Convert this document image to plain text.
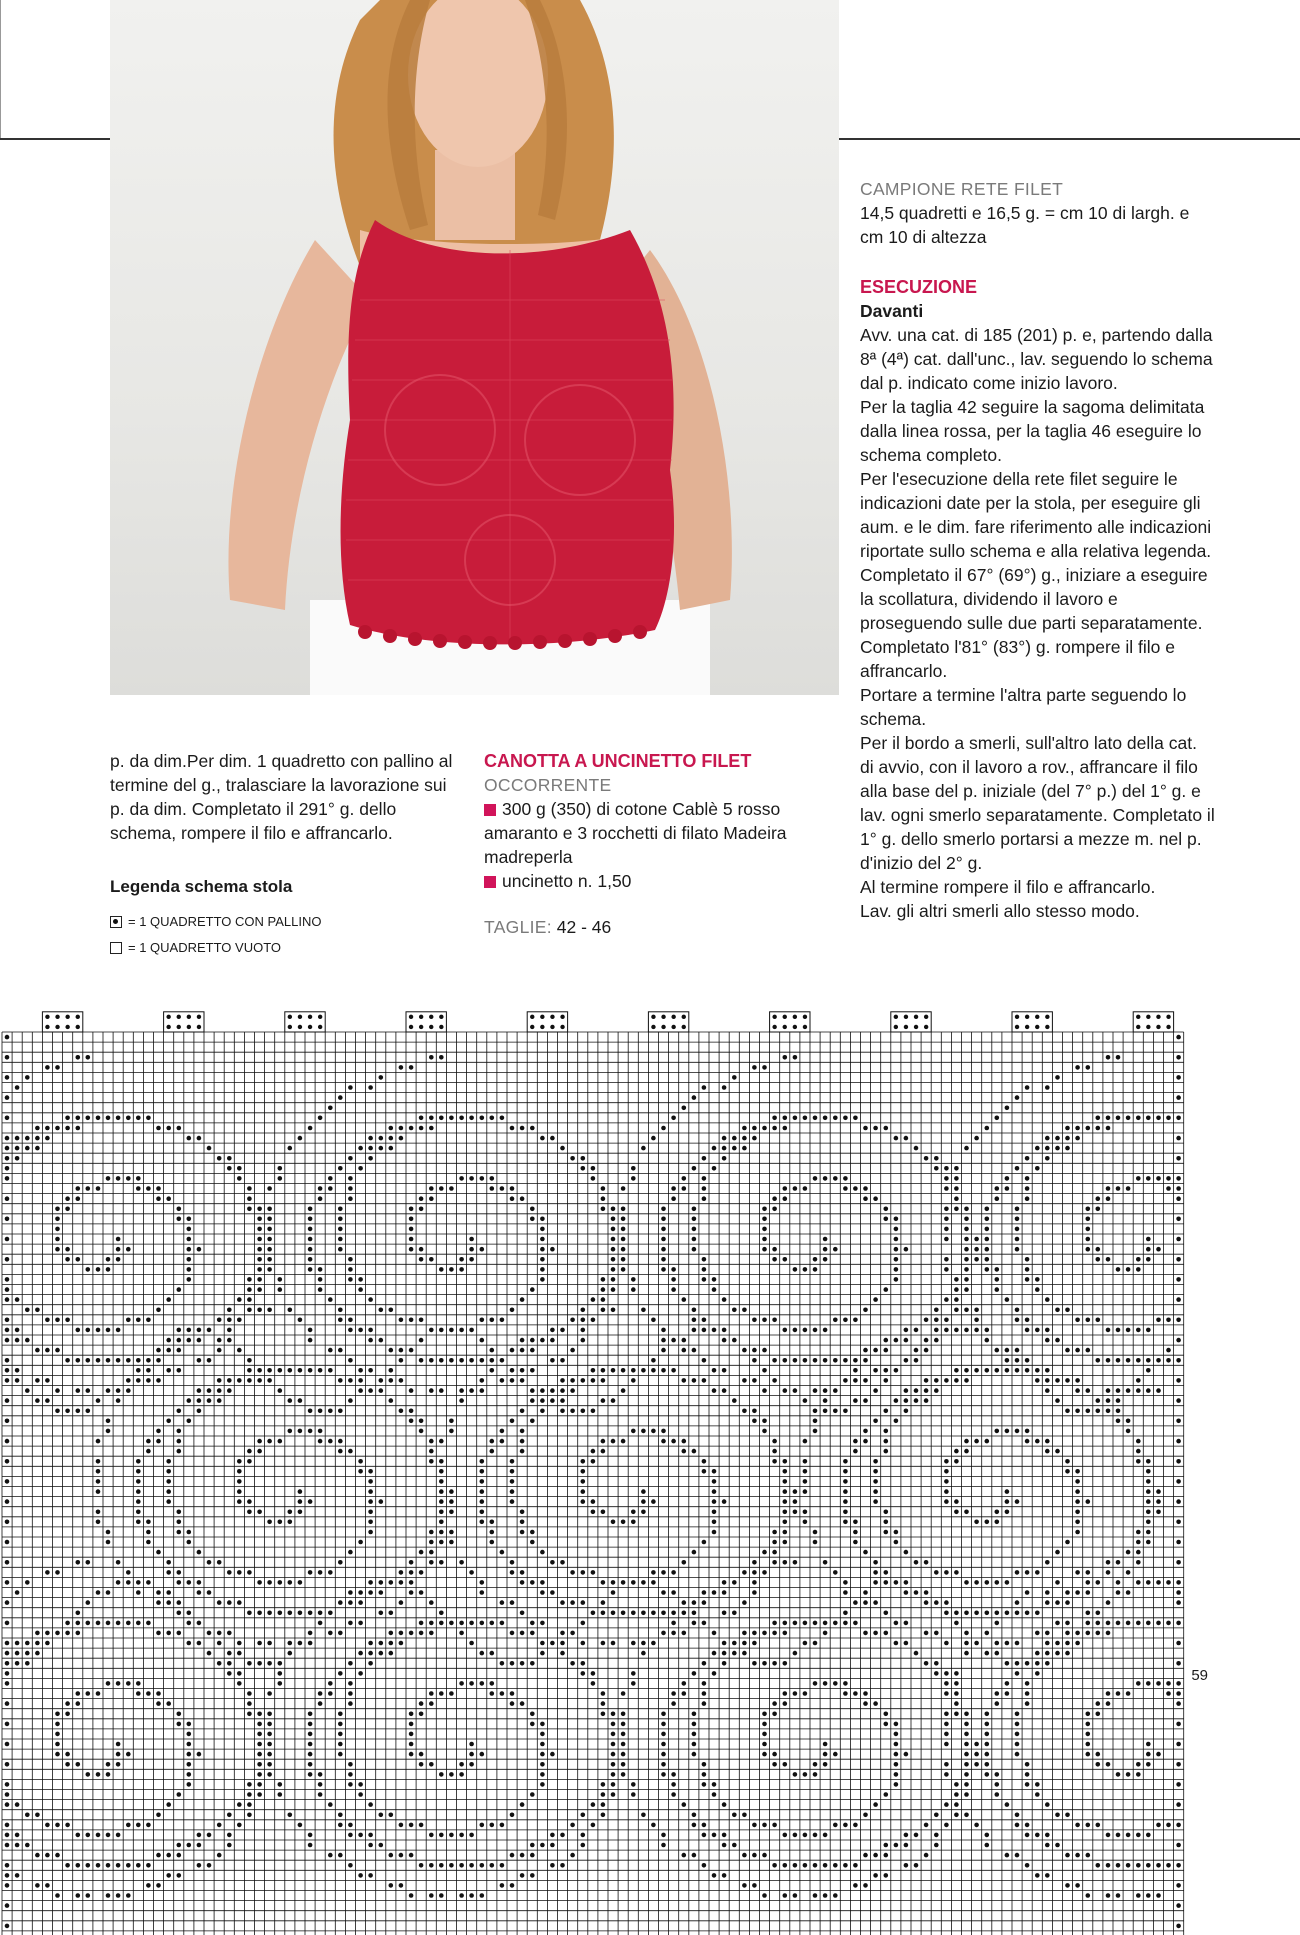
p. da dim.Per dim. 1 quadretto con pallino al termine del g., tralasciare la lavorazione sui p. da dim. Completato il 291° g. dello schema, rompere il filo e affrancarlo.

Legenda schema stola

= 1 QUADRETTO CON PALLINO
= 1 QUADRETTO VUOTO

CANOTTA A UNCINETTO FILET

OCCORRENTE

300 g (350) di cotone Cablè 5 rosso amaranto e 3 rocchetti di filato Madeira madreperla

uncinetto n. 1,50

TAGLIE: 42 - 46

CAMPIONE RETE FILET

14,5 quadretti e 16,5 g. = cm 10 di largh. e cm 10 di altezza

ESECUZIONE

Davanti

Avv. una cat. di 185 (201) p. e, partendo dalla 8ª (4ª) cat. dall'unc., lav. seguendo lo schema dal p. indicato come inizio lavoro.

Per la taglia 42 seguire la sagoma delimitata dalla linea rossa, per la taglia 46 eseguire lo schema completo.

Per l'esecuzione della rete filet seguire le indicazioni date per la stola, per eseguire gli aum. e le dim. fare riferimento alle indicazioni riportate sullo schema e alla relativa legenda.

Completato il 67° (69°) g., iniziare a eseguire la scollatura, dividendo il lavoro e proseguendo sulle due parti separatamente.

Completato l'81° (83°) g. rompere il filo e affrancarlo.

Portare a termine l'altra parte seguendo lo schema.

Per il bordo a smerli, sull'altro lato della cat. di avvio, con il lavoro a rov., affrancare il filo alla base del p. iniziale (del 7° p.) del 1° g. e lav. ogni smerlo separatamente. Completato il 1° g. dello smerlo portarsi a mezze m. nel p. d'inizio del 2° g.

Al termine rompere il filo e affrancarlo.

Lav. gli altri smerli allo stesso modo.

59
